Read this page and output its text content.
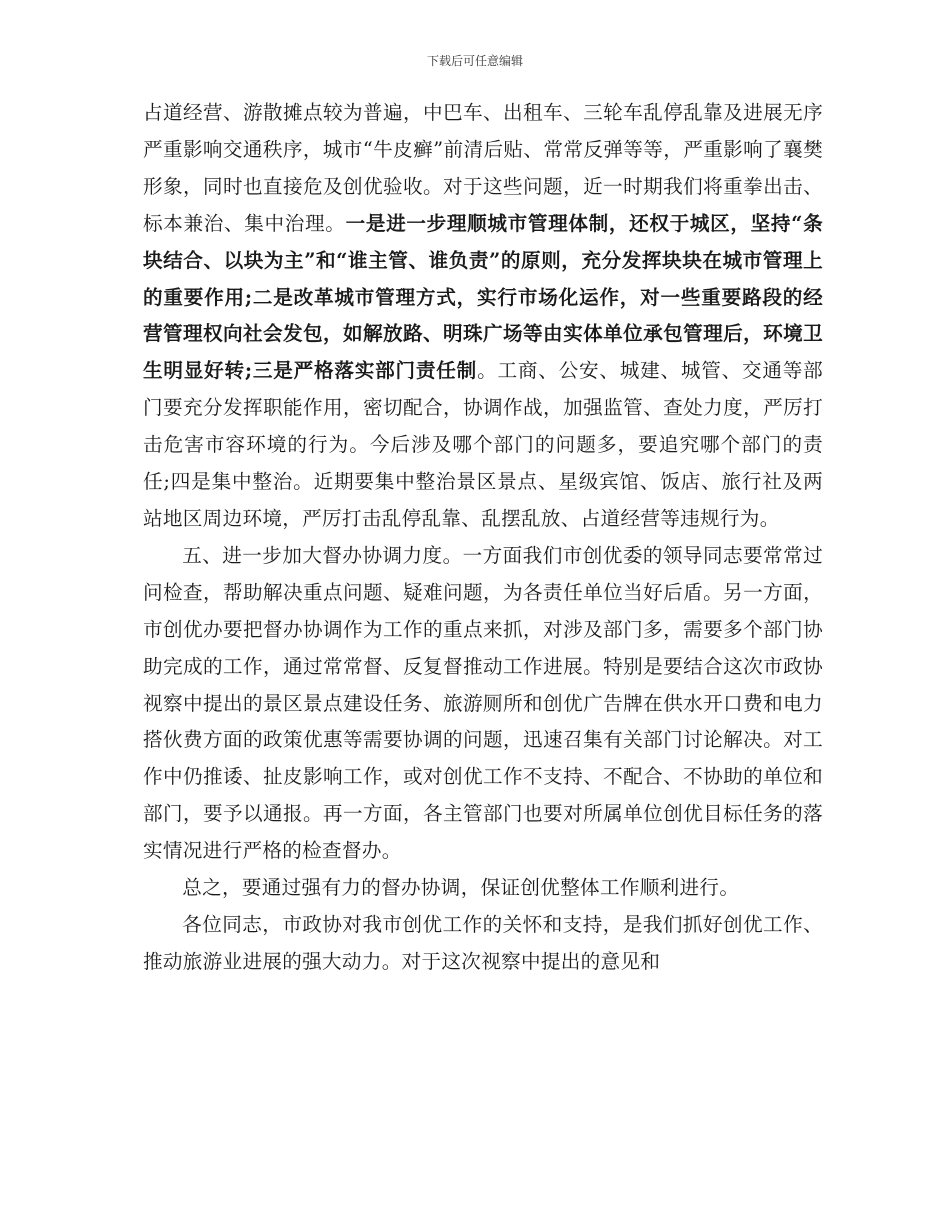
下载后可任意编辑

占道经营、游散摊点较为普遍，中巴车、出租车、三轮车乱停乱靠及进展无序严重影响交通秩序，城市“牛皮癣”前清后贴、常常反弹等等，严重影响了襄樊形象，同时也直接危及创优验收。对于这些问题，近一时期我们将重拳出击、标本兼治、集中治理。一是进一步理顺城市管理体制，还权于城区，坚持“条块结合、以块为主”和“谁主管、谁负责”的原则，充分发挥块块在城市管理上的重要作用;二是改革城市管理方式，实行市场化运作，对一些重要路段的经营管理权向社会发包，如解放路、明珠广场等由实体单位承包管理后，环境卫生明显好转;三是严格落实部门责任制。工商、公安、城建、城管、交通等部门要充分发挥职能作用，密切配合，协调作战，加强监管、查处力度，严厉打击危害市容环境的行为。今后涉及哪个部门的问题多，要追究哪个部门的责任;四是集中整治。近期要集中整治景区景点、星级宾馆、饭店、旅行社及两站地区周边环境，严厉打击乱停乱靠、乱摆乱放、占道经营等违规行为。

五、进一步加大督办协调力度。一方面我们市创优委的领导同志要常常过问检查，帮助解决重点问题、疑难问题，为各责任单位当好后盾。另一方面，市创优办要把督办协调作为工作的重点来抓，对涉及部门多，需要多个部门协助完成的工作，通过常常督、反复督推动工作进展。特别是要结合这次市政协视察中提出的景区景点建设任务、旅游厕所和创优广告牌在供水开口费和电力搭伙费方面的政策优惠等需要协调的问题，迅速召集有关部门讨论解决。对工作中仍推诿、扯皮影响工作，或对创优工作不支持、不配合、不协助的单位和部门，要予以通报。再一方面，各主管部门也要对所属单位创优目标任务的落实情况进行严格的检查督办。

总之，要通过强有力的督办协调，保证创优整体工作顺利进行。

各位同志，市政协对我市创优工作的关怀和支持，是我们抓好创优工作、推动旅游业进展的强大动力。对于这次视察中提出的意见和
